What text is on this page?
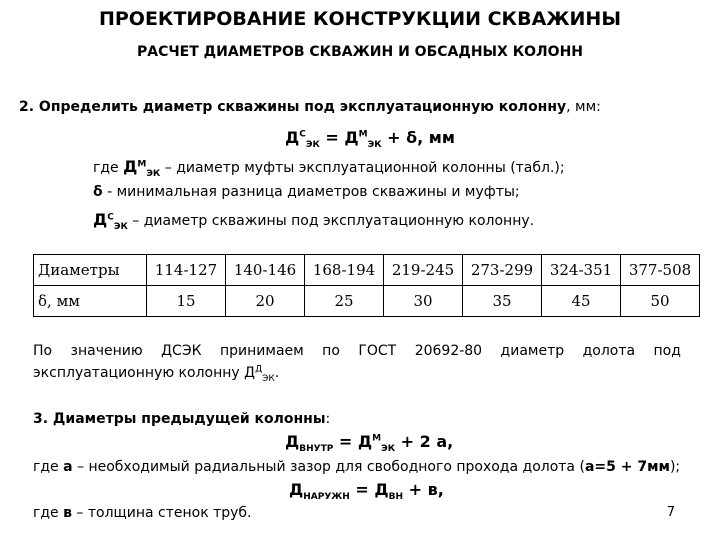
ПРОЕКТИРОВАНИЕ КОНСТРУКЦИИ СКВАЖИНЫ
РАСЧЕТ ДИАМЕТРОВ СКВАЖИН И ОБСАДНЫХ КОЛОНН
2. Определить диаметр скважины под эксплуатационную колонну, мм:
$Д^С_{ЭК} = Д^М_{ЭК} + \delta$, мм
где $Д^М_{ЭК}$ – диаметр муфты эксплуатационной колонны (табл.);
δ - минимальная разница диаметров скважины и муфты;
$Д^С_{ЭК}$ – диаметр скважины под эксплуатационную колонну.
Диаметры	114-127	140-146	168-194	219-245	273-299	324-351	377-508
δ, мм	15	20	25	30	35	45	50
По значению ДСЭК принимаем по ГОСТ 20692-80 диаметр долота под
эксплуатационную колонну $Д^Д_{ЭК}$.
3. Диаметры предыдущей колонны:
$Д_{ВНУТР} = Д^М_{ЭК} + 2$ а,
где а – необходимый радиальный зазор для свободного прохода долота (а=5 + 7мм);
$Д_{НАРУЖН} = Д_{ВН} + в$,
где в – толщина стенок труб.	7
